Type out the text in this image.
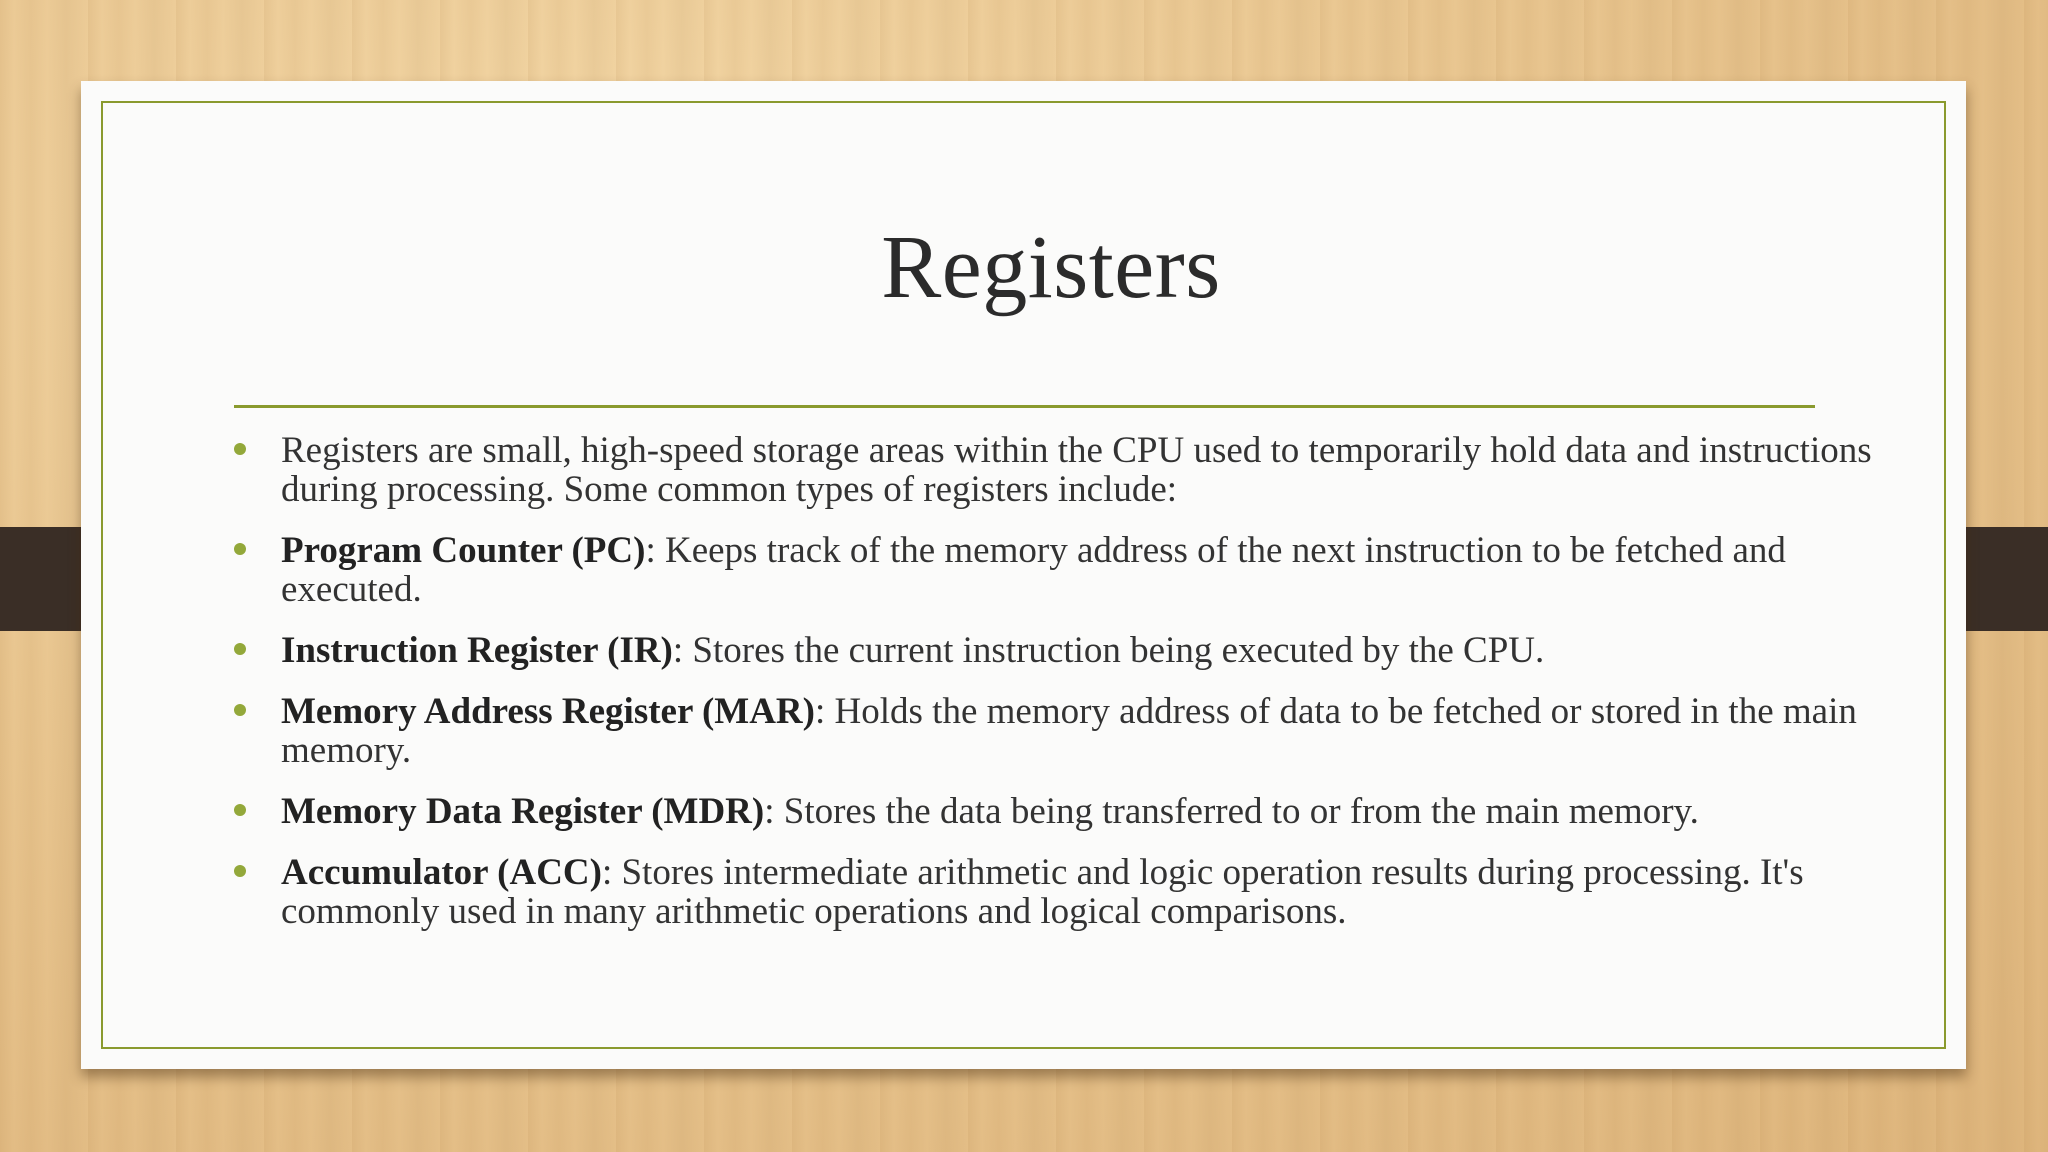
Registers
Registers are small, high-speed storage areas within the CPU used to temporarily hold data and instructions during processing. Some common types of registers include:
Program Counter (PC): Keeps track of the memory address of the next instruction to be fetched and executed.
Instruction Register (IR): Stores the current instruction being executed by the CPU.
Memory Address Register (MAR): Holds the memory address of data to be fetched or stored in the main memory.
Memory Data Register (MDR): Stores the data being transferred to or from the main memory.
Accumulator (ACC): Stores intermediate arithmetic and logic operation results during processing. It's commonly used in many arithmetic operations and logical comparisons.
